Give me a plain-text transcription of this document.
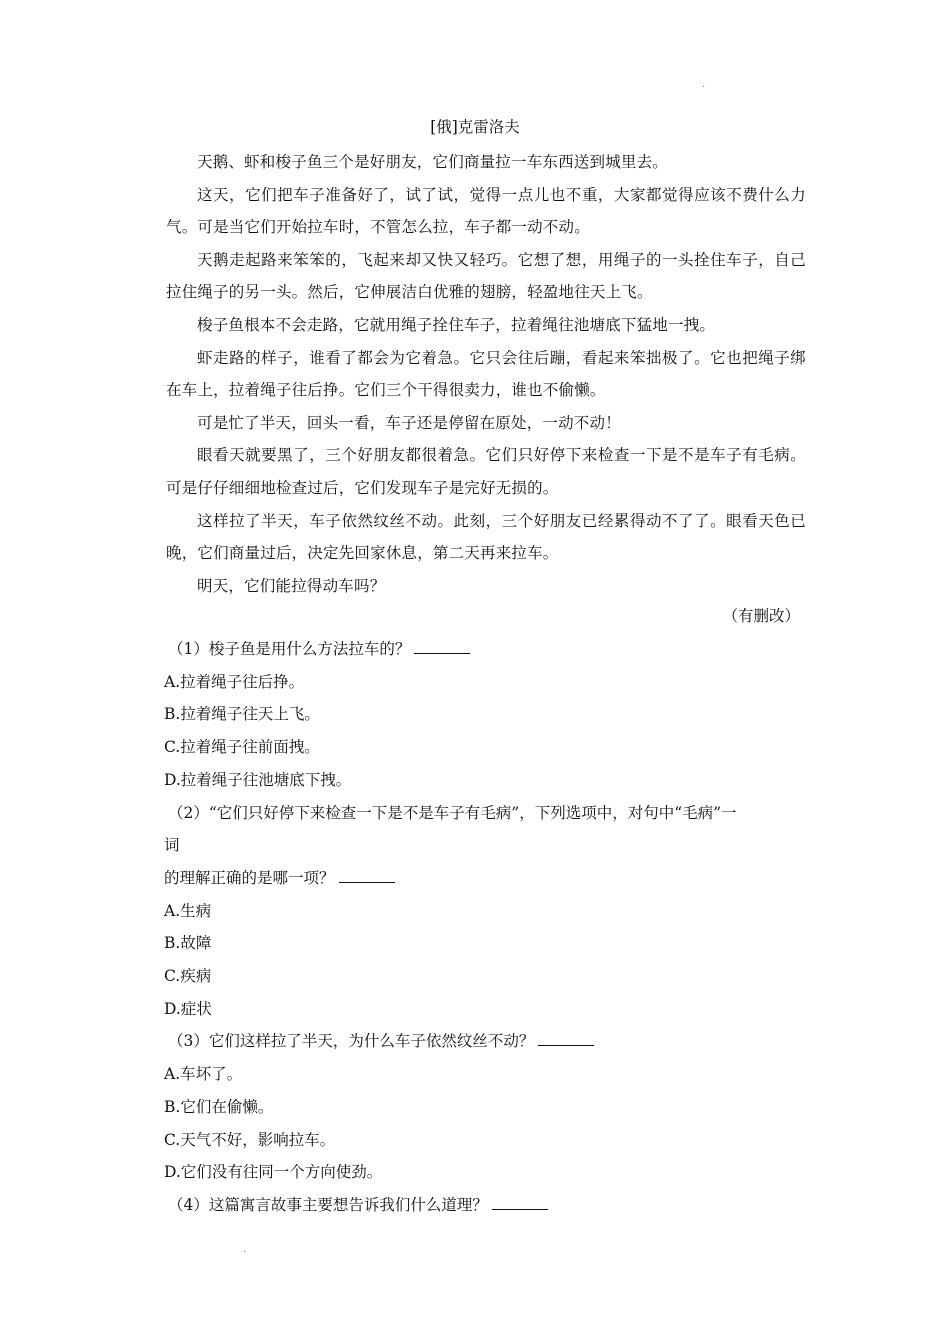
.
[俄]克雷洛夫

天鹅、虾和梭子鱼三个是好朋友，它们商量拉一车东西送到城里去。

这天，它们把车子准备好了，试了试，觉得一点儿也不重，大家都觉得应该不费什么力气。可是当它们开始拉车时，不管怎么拉，车子都一动不动。

天鹅走起路来笨笨的，飞起来却又快又轻巧。它想了想，用绳子的一头拴住车子，自己拉住绳子的另一头。然后，它伸展洁白优雅的翅膀，轻盈地往天上飞。

梭子鱼根本不会走路，它就用绳子拴住车子，拉着绳往池塘底下猛地一拽。

虾走路的样子，谁看了都会为它着急。它只会往后蹦，看起来笨拙极了。它也把绳子绑在车上，拉着绳子往后挣。它们三个干得很卖力，谁也不偷懒。

可是忙了半天，回头一看，车子还是停留在原处，一动不动！

眼看天就要黑了，三个好朋友都很着急。它们只好停下来检查一下是不是车子有毛病。可是仔仔细细地检查过后，它们发现车子是完好无损的。

这样拉了半天，车子依然纹丝不动。此刻，三个好朋友已经累得动不了了。眼看天色已晚，它们商量过后，决定先回家休息，第二天再来拉车。

明天，它们能拉得动车吗？

（有删改）

（1）梭子鱼是用什么方法拉车的？

A.拉着绳子往后挣。

B.拉着绳子往天上飞。

C.拉着绳子往前面拽。

D.拉着绳子往池塘底下拽。

（2）“它们只好停下来检查一下是不是车子有毛病”，下列选项中，对句中“毛病”一

词

的理解正确的是哪一项？

A.生病

B.故障

C.疾病

D.症状

（3）它们这样拉了半天，为什么车子依然纹丝不动？

A.车坏了。

B.它们在偷懒。

C.天气不好，影响拉车。

D.它们没有往同一个方向使劲。

（4）这篇寓言故事主要想告诉我们什么道理？

.
